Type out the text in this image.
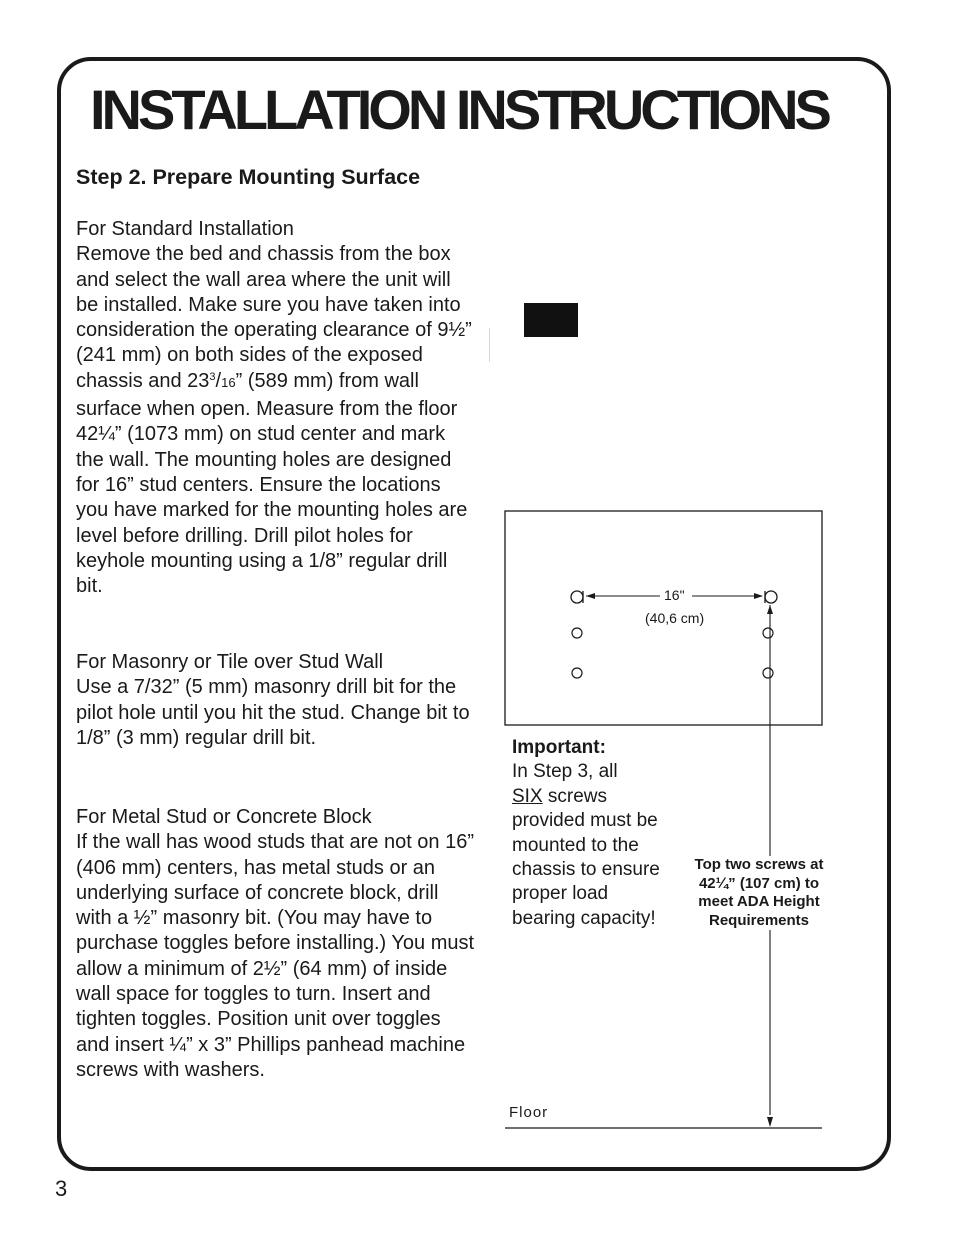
INSTALLATION INSTRUCTIONS
Step 2. Prepare Mounting Surface

For Standard Installation

Remove the bed and chassis from the box and select the wall area where the unit will be installed. Make sure you have taken into consideration the operating clearance of 9½” (241 mm) on both sides of the exposed chassis and $23^3/16$” (589 mm) from wall surface when open. Measure from the floor 42¼” (1073 mm) on stud center and mark the wall. The mounting holes are designed for 16” stud centers. Ensure the locations you have marked for the mounting holes are level before drilling. Drill pilot holes for keyhole mounting using a 1/8” regular drill bit.

For Masonry or Tile over Stud Wall

Use a 7/32” (5 mm) masonry drill bit for the pilot hole until you hit the stud. Change bit to 1/8” (3 mm) regular drill bit.

For Metal Stud or Concrete Block

If the wall has wood studs that are not on 16” (406 mm) centers, has metal studs or an underlying surface of concrete block, drill with a ½” masonry bit. (You may have to purchase toggles before installing.) You must allow a minimum of 2½” (64 mm) of inside wall space for toggles to turn. Insert and tighten toggles. Position unit over toggles and insert ¼” x 3” Phillips panhead machine screws with washers.

16"
(40,6 cm)

Important:

In Step 3, all
SIX screws provided must be mounted to the chassis to ensure proper load bearing capacity!

Top two screws at 42¼” (107 cm) to meet ADA Height Requirements
Floor
3
